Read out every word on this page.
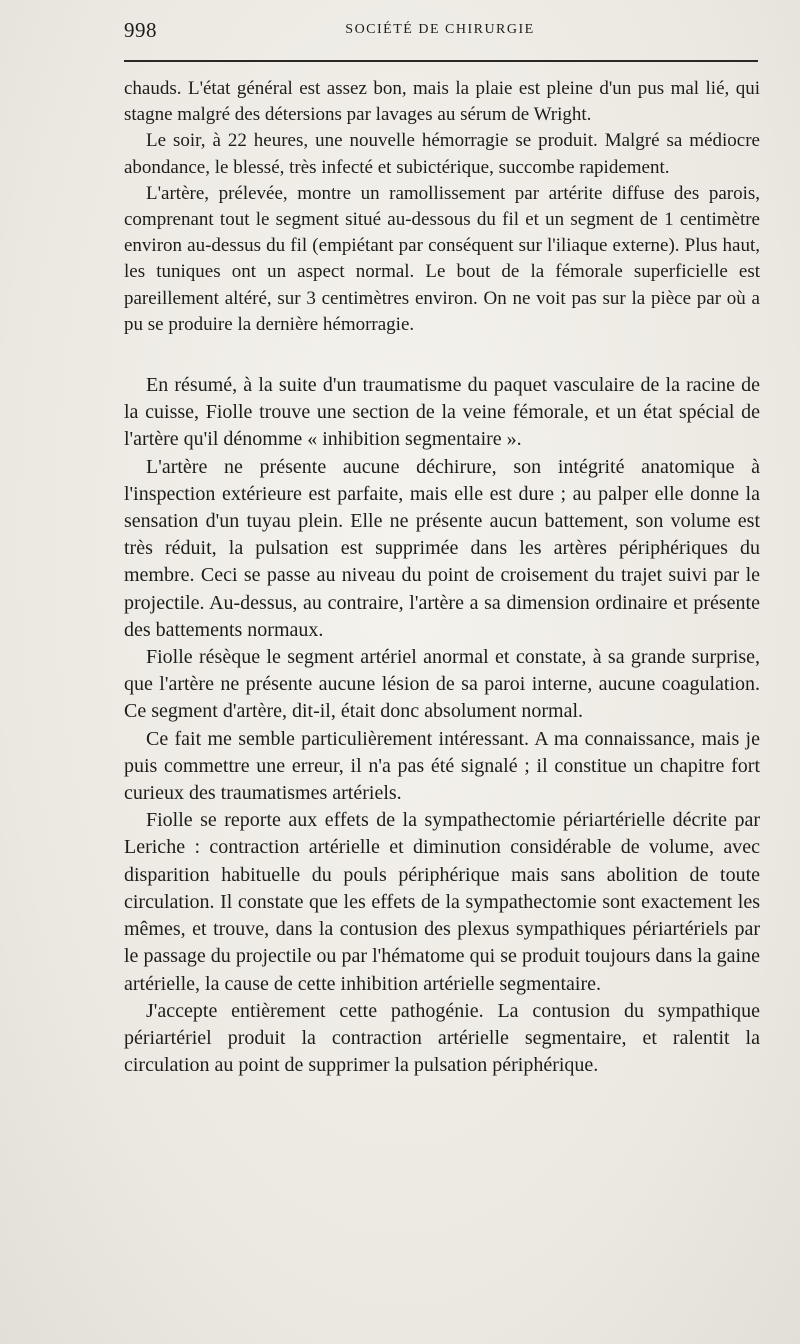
998	SOCIÉTÉ DE CHIRURGIE

chauds. L'état général est assez bon, mais la plaie est pleine d'un pus mal lié, qui stagne malgré des détersions par lavages au sérum de Wright.

Le soir, à 22 heures, une nouvelle hémorragie se produit. Malgré sa médiocre abondance, le blessé, très infecté et subictérique, succombe rapidement.

L'artère, prélevée, montre un ramollissement par artérite diffuse des parois, comprenant tout le segment situé au-dessous du fil et un segment de 1 centimètre environ au-dessus du fil (empiétant par conséquent sur l'iliaque externe). Plus haut, les tuniques ont un aspect normal. Le bout de la fémorale superficielle est pareillement altéré, sur 3 centimètres environ. On ne voit pas sur la pièce par où a pu se produire la dernière hémorragie.

En résumé, à la suite d'un traumatisme du paquet vasculaire de la racine de la cuisse, Fiolle trouve une section de la veine fémorale, et un état spécial de l'artère qu'il dénomme « inhibition segmentaire ».

L'artère ne présente aucune déchirure, son intégrité anatomique à l'inspection extérieure est parfaite, mais elle est dure ; au palper elle donne la sensation d'un tuyau plein. Elle ne présente aucun battement, son volume est très réduit, la pulsation est supprimée dans les artères périphériques du membre. Ceci se passe au niveau du point de croisement du trajet suivi par le projectile. Au-dessus, au contraire, l'artère a sa dimension ordinaire et présente des battements normaux.

Fiolle résèque le segment artériel anormal et constate, à sa grande surprise, que l'artère ne présente aucune lésion de sa paroi interne, aucune coagulation. Ce segment d'artère, dit-il, était donc absolument normal.

Ce fait me semble particulièrement intéressant. A ma connaissance, mais je puis commettre une erreur, il n'a pas été signalé ; il constitue un chapitre fort curieux des traumatismes artériels.

Fiolle se reporte aux effets de la sympathectomie périartérielle décrite par Leriche : contraction artérielle et diminution considérable de volume, avec disparition habituelle du pouls périphérique mais sans abolition de toute circulation. Il constate que les effets de la sympathectomie sont exactement les mêmes, et trouve, dans la contusion des plexus sympathiques périartériels par le passage du projectile ou par l'hématome qui se produit toujours dans la gaine artérielle, la cause de cette inhibition artérielle segmentaire.

J'accepte entièrement cette pathogénie. La contusion du sympathique périartériel produit la contraction artérielle segmentaire, et ralentit la circulation au point de supprimer la pulsation périphérique.
